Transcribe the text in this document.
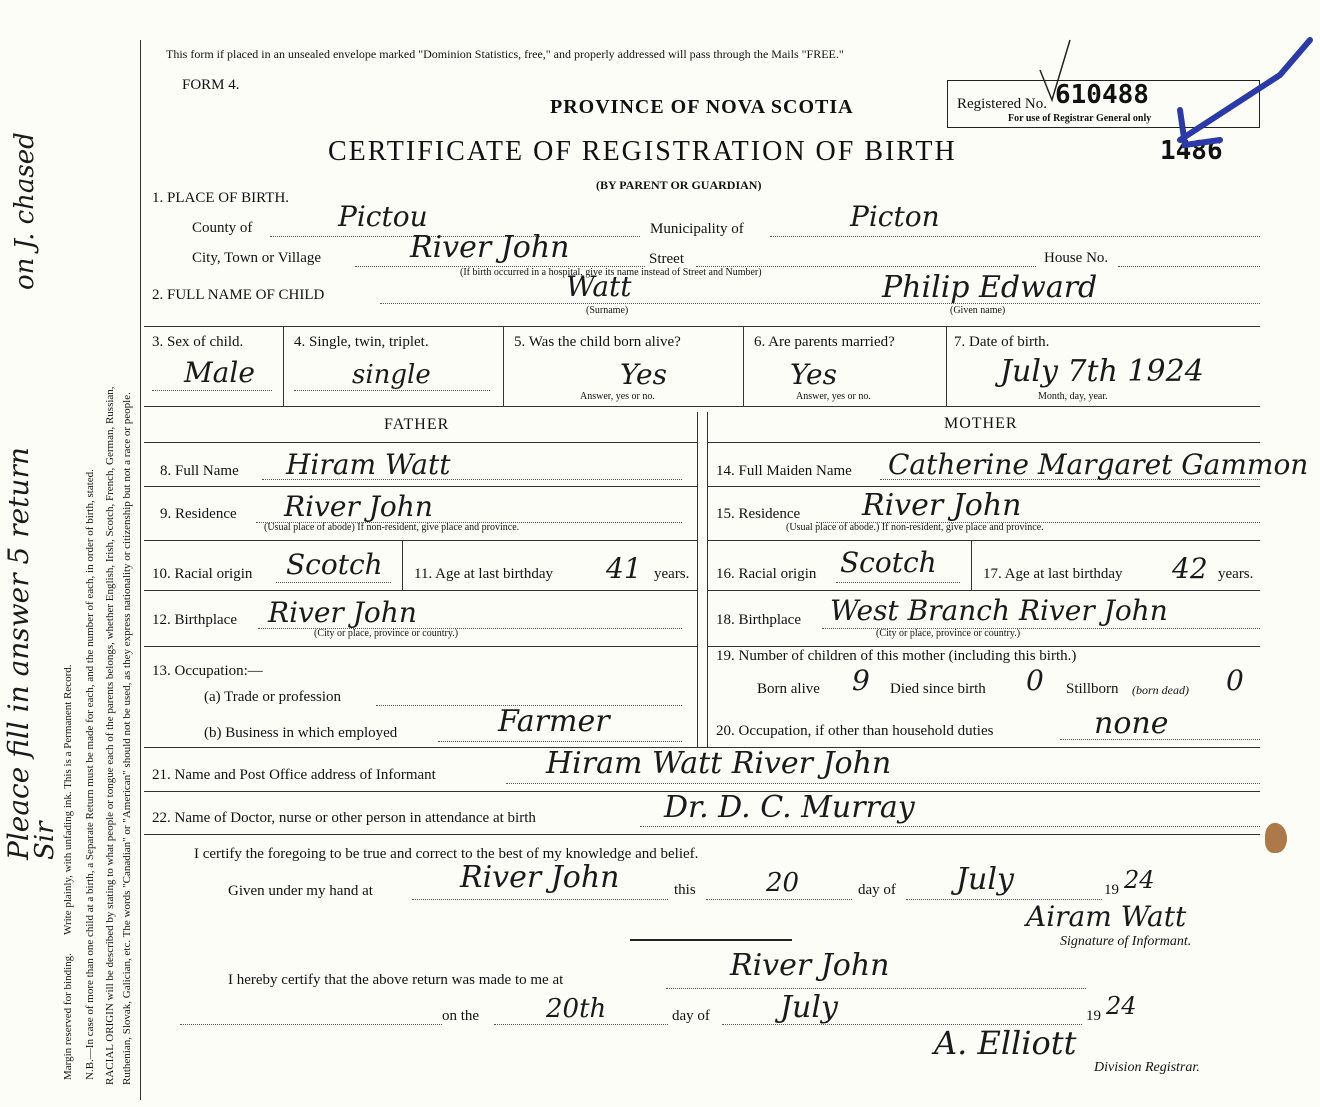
Margin reserved for binding.
Write plainly, with unfading ink. This is a Permanent Record. N.B.—In case of more than one child at a birth, a Separate Return must be made for each, and the number of each, in order of birth, stated. RACIAL ORIGIN will be described by stating to what people or tongue each of the parents belongs, whether English, Irish, Scotch, French, German, Russian, Ruthenian, Slovak, Galician, etc. The words "Canadian" or "American" should not be used, as they express nationality or citizenship but not a race or people.
Pleace fill in answer 5 return
Sir
on J. chased
This form if placed in an unsealed envelope marked "Dominion Statistics, free," and properly addressed will pass through the Mails "FREE."
FORM 4.
PROVINCE OF NOVA SCOTIA
CERTIFICATE OF REGISTRATION OF BIRTH
(BY PARENT OR GUARDIAN)
Registered No. 610488
For use of Registrar General only
1486
1. PLACE OF BIRTH.
County of	Pictou	Municipality of	Picton
City, Town or Village	River John	Street	House No.
(If birth occurred in a hospital, give its name instead of Street and Number)
2. FULL NAME OF CHILD	Watt
(Surname)
Philip Edward
(Given name)
3. Sex of child.
Male
4. Single, twin, triplet.
single
5. Was the child born alive?
Yes
Answer, yes or no.
6. Are parents married?
Yes
Answer, yes or no.
7. Date of birth.
July 7th 1924
Month, day, year.
FATHER	MOTHER
8. Full Name Hiram Watt
9. Residence River John
(Usual place of abode) If non-resident, give place and province.
10. Racial origin Scotch 11. Age at last birthday 41 years.
12. Birthplace River John
(City or place, province or country.)
13. Occupation:—
(a) Trade or profession
(b) Business in which employed	Farmer
14. Full Maiden Name Catherine Margaret Gammon
15. Residence River John
(Usual place of abode.) If non-resident, give place and province.
16. Racial origin Scotch	17. Age at last birthday 42 years.
18. Birthplace West Branch River John
(City or place, province or country.)
19. Number of children of this mother (including this birth.)
Born alive 9 Died since birth 0 Stillborn (born dead) 0
20. Occupation, if other than household duties	none
21. Name and Post Office address of Informant	Hiram Watt River John
22. Name of Doctor, nurse or other person in attendance at birth	Dr. D. C. Murray
I certify the foregoing to be true and correct to the best of my knowledge and belief.
Given under my hand at	River John	this	20	day of July	19 24
Airam Watt
Signature of Informant.
I hereby certify that the above return was made to me at	River John
on the	20th	day of July	19 24
A. Elliott
Division Registrar.
